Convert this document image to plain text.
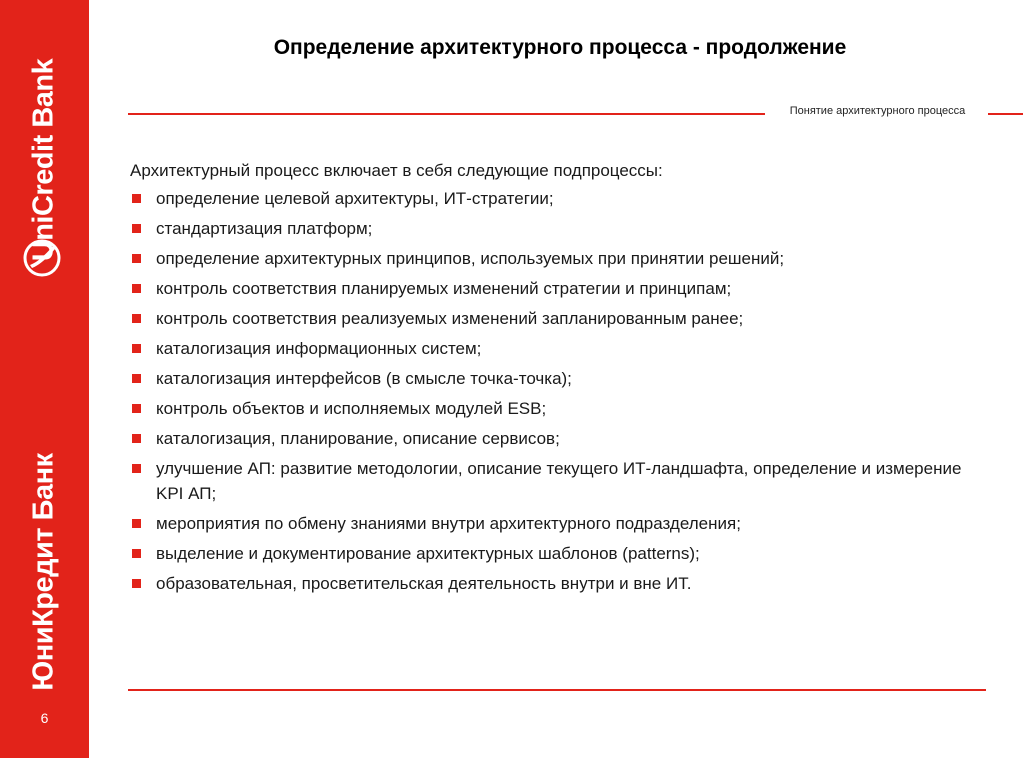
UniCredit Bank
ЮниКредит Банк
6
Определение архитектурного процесса - продолжение
Понятие архитектурного процесса

Архитектурный процесс включает в себя следующие подпроцессы:

определение целевой архитектуры, ИТ-стратегии;
стандартизация платформ;
определение архитектурных принципов, используемых при принятии решений;
контроль соответствия планируемых изменений стратегии и принципам;
контроль соответствия реализуемых изменений запланированным ранее;
каталогизация информационных систем;
каталогизация интерфейсов (в смысле точка-точка);
контроль объектов и исполняемых модулей ESB;
каталогизация, планирование, описание сервисов;
улучшение АП: развитие методологии, описание текущего ИТ-ландшафта, определение и измерение KPI АП;
мероприятия по обмену знаниями внутри архитектурного подразделения;
выделение и документирование архитектурных шаблонов (patterns);
образовательная, просветительская деятельность внутри и вне ИТ.
